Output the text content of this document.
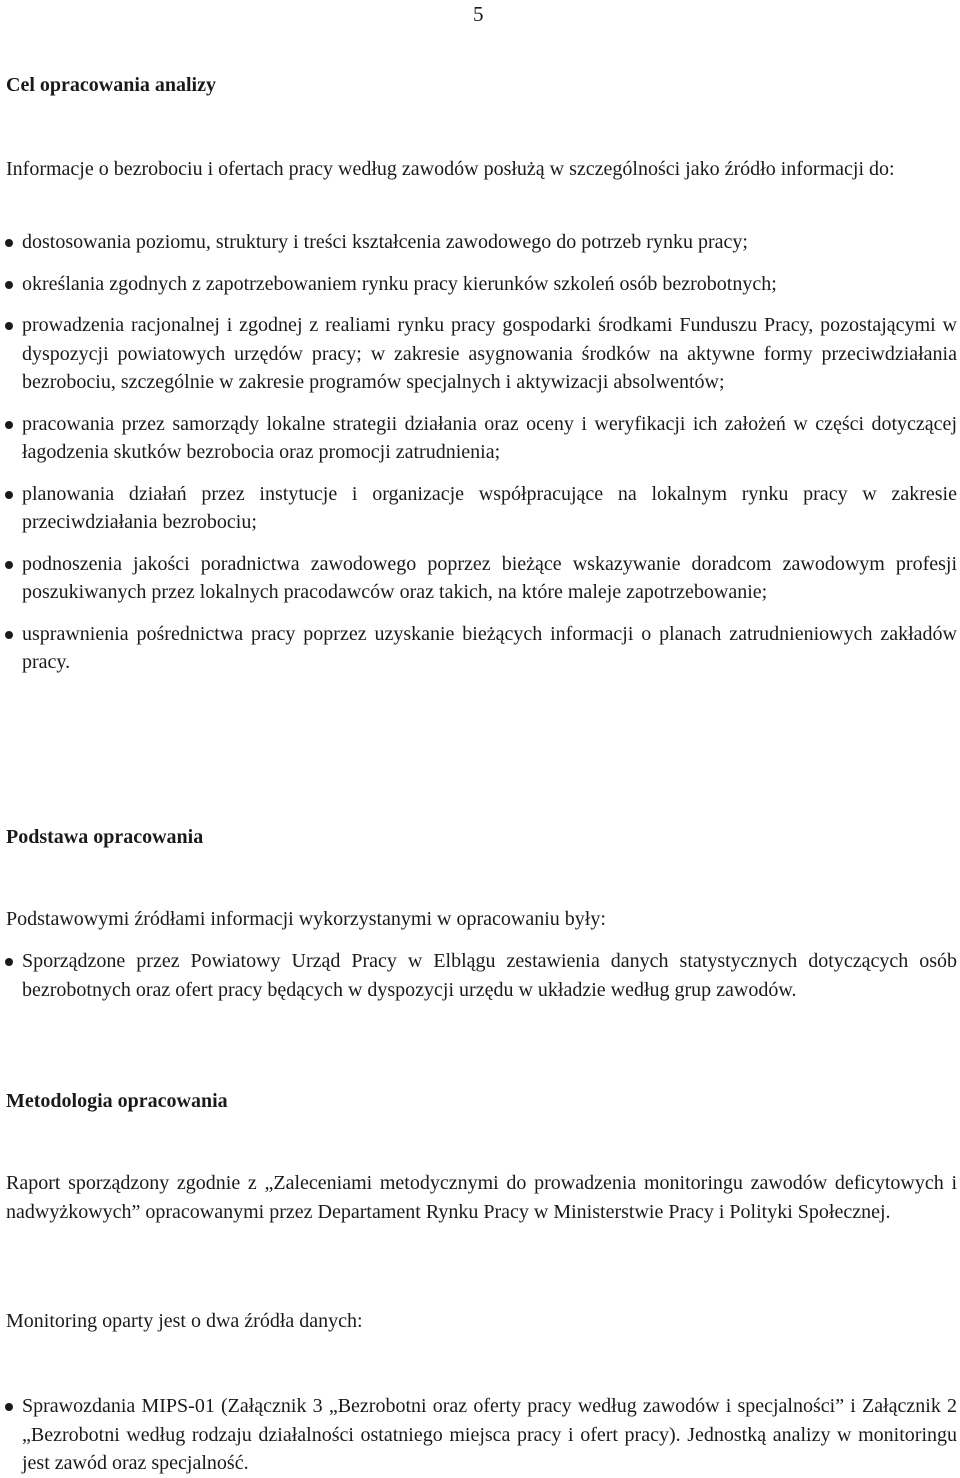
5
Cel opracowania analizy
Informacje o bezrobociu i ofertach pracy według zawodów posłużą w szczególności jako źródło informacji do:
dostosowania poziomu, struktury i treści kształcenia zawodowego do potrzeb rynku pracy;
określania zgodnych z zapotrzebowaniem rynku pracy kierunków szkoleń osób bezrobotnych;
prowadzenia racjonalnej i zgodnej z realiami rynku pracy gospodarki środkami Funduszu Pracy, pozostającymi w dyspozycji powiatowych urzędów pracy; w zakresie asygnowania środków na aktywne formy przeciwdziałania bezrobociu, szczególnie w zakresie programów specjalnych i aktywizacji absolwentów;
pracowania przez samorządy lokalne strategii działania oraz oceny i weryfikacji ich założeń w części dotyczącej łagodzenia skutków bezrobocia oraz promocji zatrudnienia;
planowania działań przez instytucje i organizacje współpracujące na lokalnym rynku pracy w zakresie przeciwdziałania bezrobociu;
podnoszenia jakości poradnictwa zawodowego poprzez bieżące wskazywanie doradcom zawodowym profesji poszukiwanych przez lokalnych pracodawców oraz takich, na które maleje zapotrzebowanie;
usprawnienia pośrednictwa pracy poprzez uzyskanie bieżących informacji o planach zatrudnieniowych zakładów pracy.
Podstawa opracowania
Podstawowymi źródłami informacji wykorzystanymi w opracowaniu były:
Sporządzone przez Powiatowy Urząd Pracy w Elblągu zestawienia danych statystycznych dotyczących osób bezrobotnych oraz ofert pracy będących w dyspozycji urzędu w układzie według grup zawodów.
Metodologia opracowania
Raport sporządzony zgodnie z „Zaleceniami metodycznymi do prowadzenia monitoringu zawodów deficytowych i nadwyżkowych” opracowanymi przez Departament Rynku Pracy w Ministerstwie Pracy i Polityki Społecznej.
Monitoring oparty jest o dwa źródła danych:
Sprawozdania MIPS-01 (Załącznik 3 „Bezrobotni oraz oferty pracy według zawodów i specjalności” i Załącznik 2 „Bezrobotni według rodzaju działalności ostatniego miejsca pracy i ofert pracy). Jednostką analizy w monitoringu jest zawód oraz specjalność.
